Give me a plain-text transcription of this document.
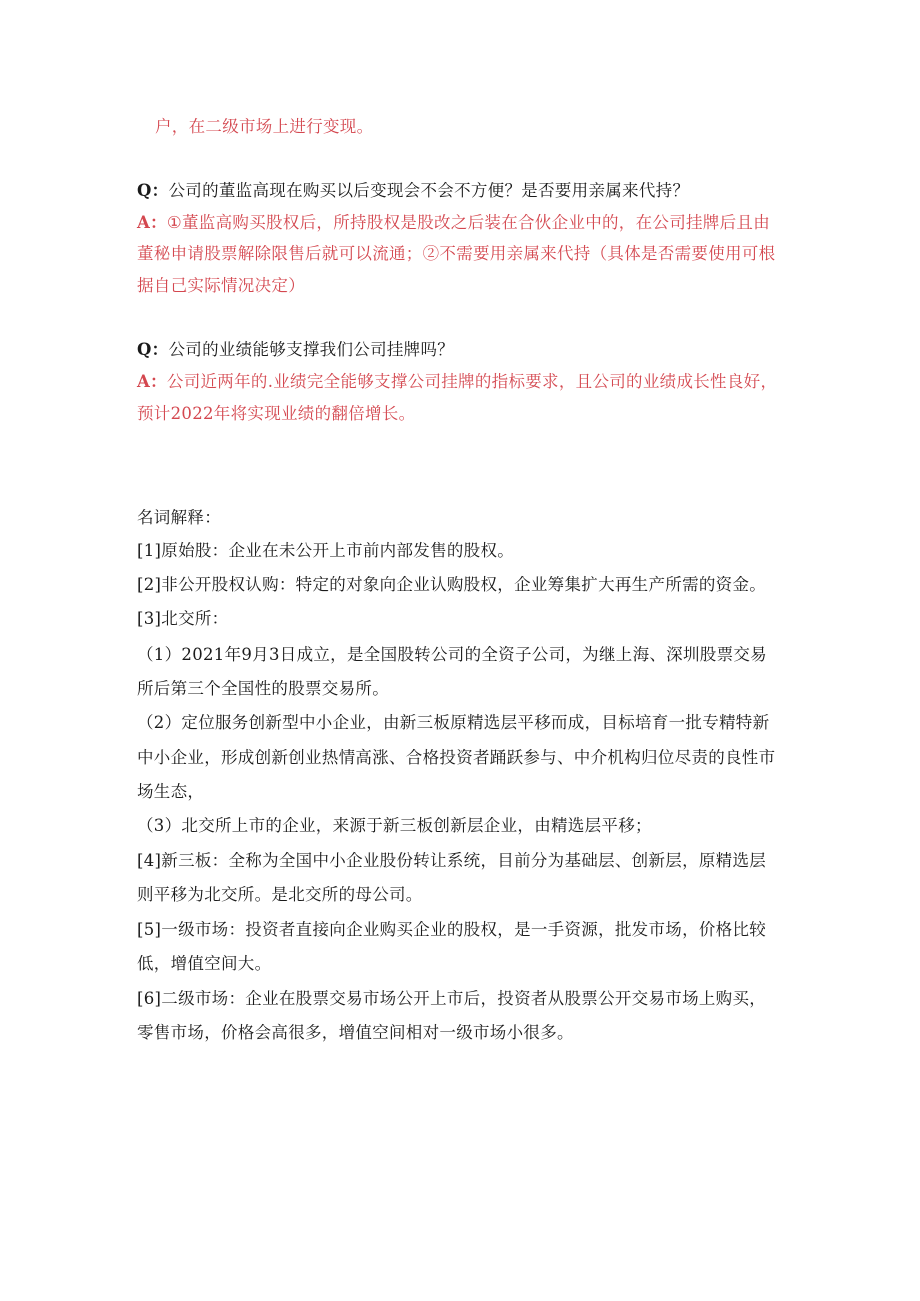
户，在二级市场上进行变现。
Q：公司的董监高现在购买以后变现会不会不方便？是否要用亲属来代持？
A：①董监高购买股权后，所持股权是股改之后装在合伙企业中的，在公司挂牌后且由
董秘申请股票解除限售后就可以流通；②不需要用亲属来代持（具体是否需要使用可根
据自己实际情况决定）
Q：公司的业绩能够支撑我们公司挂牌吗？
A：公司近两年的.业绩完全能够支撑公司挂牌的指标要求，且公司的业绩成长性良好，
预计2022年将实现业绩的翻倍增长。
名词解释：
[1]原始股：企业在未公开上市前内部发售的股权。
[2]非公开股权认购：特定的对象向企业认购股权，企业筹集扩大再生产所需的资金。
[3]北交所：
（1）2021年9月3日成立，是全国股转公司的全资子公司，为继上海、深圳股票交易
所后第三个全国性的股票交易所。
（2）定位服务创新型中小企业，由新三板原精选层平移而成，目标培育一批专精特新
中小企业，形成创新创业热情高涨、合格投资者踊跃参与、中介机构归位尽责的良性市
场生态，
（3）北交所上市的企业，来源于新三板创新层企业，由精选层平移；
[4]新三板：全称为全国中小企业股份转让系统，目前分为基础层、创新层，原精选层
则平移为北交所。是北交所的母公司。
[5]一级市场：投资者直接向企业购买企业的股权，是一手资源，批发市场，价格比较
低，增值空间大。
[6]二级市场：企业在股票交易市场公开上市后，投资者从股票公开交易市场上购买，
零售市场，价格会高很多，增值空间相对一级市场小很多。
